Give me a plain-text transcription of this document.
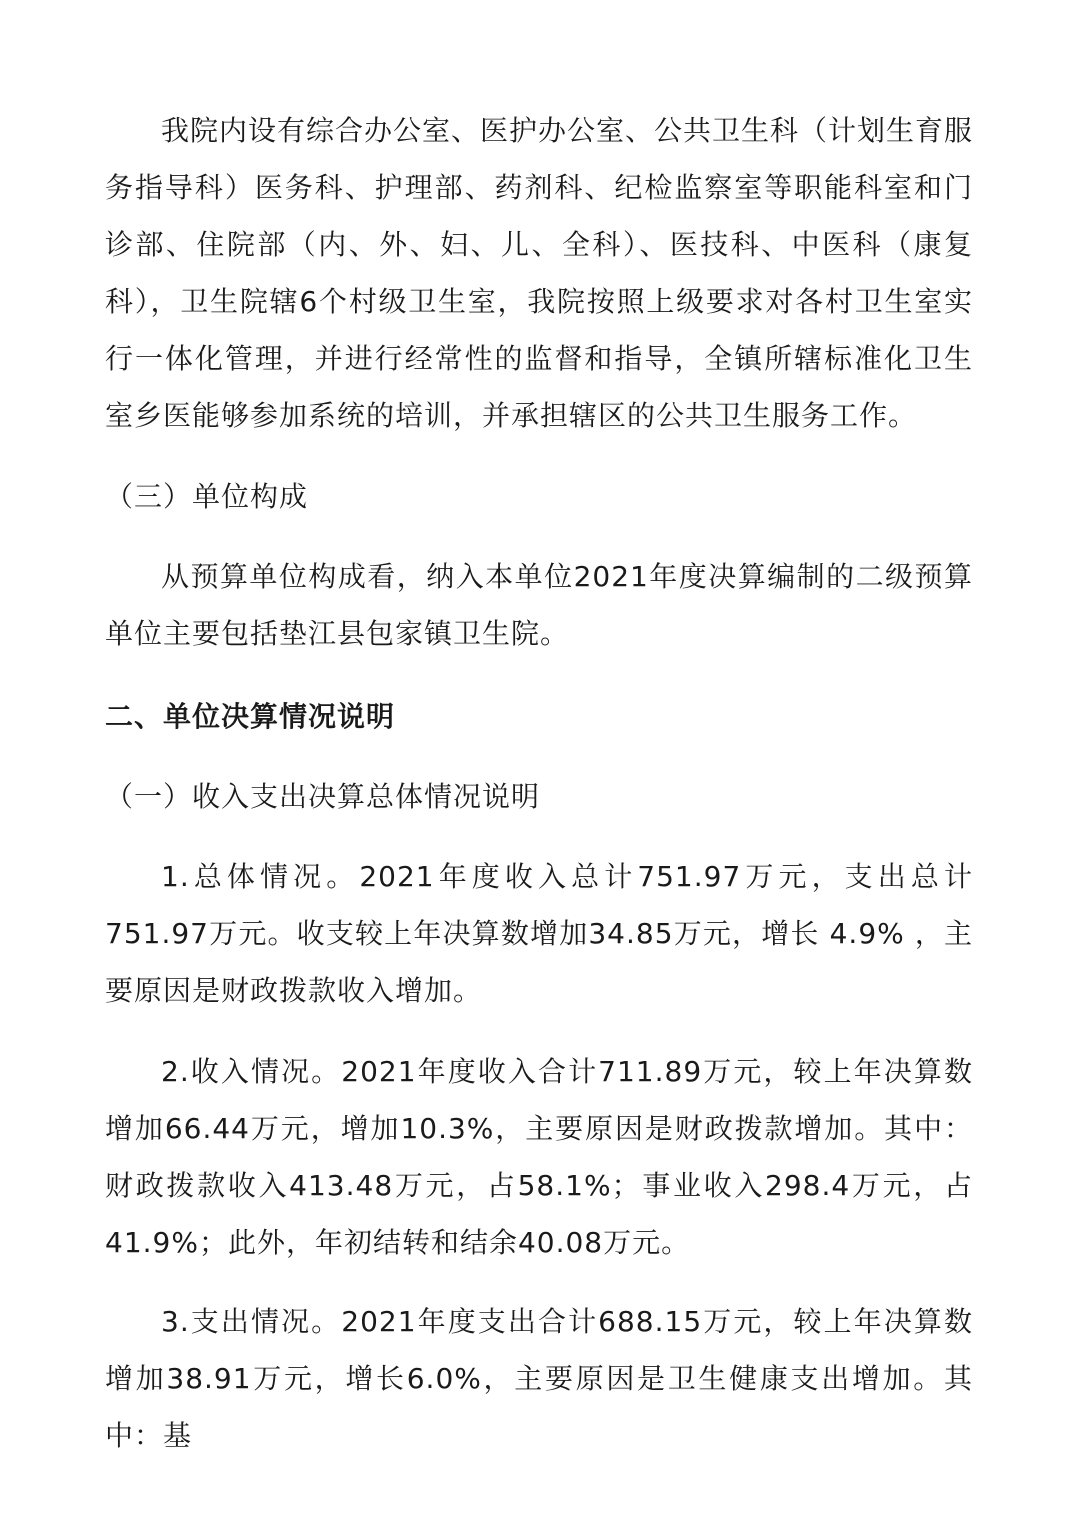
我院内设有综合办公室、医护办公室、公共卫生科（计划生育服务指导科）医务科、护理部、药剂科、纪检监察室等职能科室和门诊部、住院部（内、外、妇、儿、全科）、医技科、中医科（康复科），卫生院辖6个村级卫生室，我院按照上级要求对各村卫生室实行一体化管理，并进行经常性的监督和指导，全镇所辖标准化卫生室乡医能够参加系统的培训，并承担辖区的公共卫生服务工作。

（三）单位构成

从预算单位构成看，纳入本单位2021年度决算编制的二级预算单位主要包括垫江县包家镇卫生院。

二、单位决算情况说明

（一）收入支出决算总体情况说明

1.总体情况。2021年度收入总计751.97万元，支出总计751.97万元。收支较上年决算数增加34.85万元，增长 4.9% ，主要原因是财政拨款收入增加。

2.收入情况。2021年度收入合计711.89万元，较上年决算数增加66.44万元，增加10.3%，主要原因是财政拨款增加。其中：财政拨款收入413.48万元，占58.1%；事业收入298.4万元，占41.9%；此外，年初结转和结余40.08万元。

3.支出情况。2021年度支出合计688.15万元，较上年决算数增加38.91万元，增长6.0%，主要原因是卫生健康支出增加。其中：基
